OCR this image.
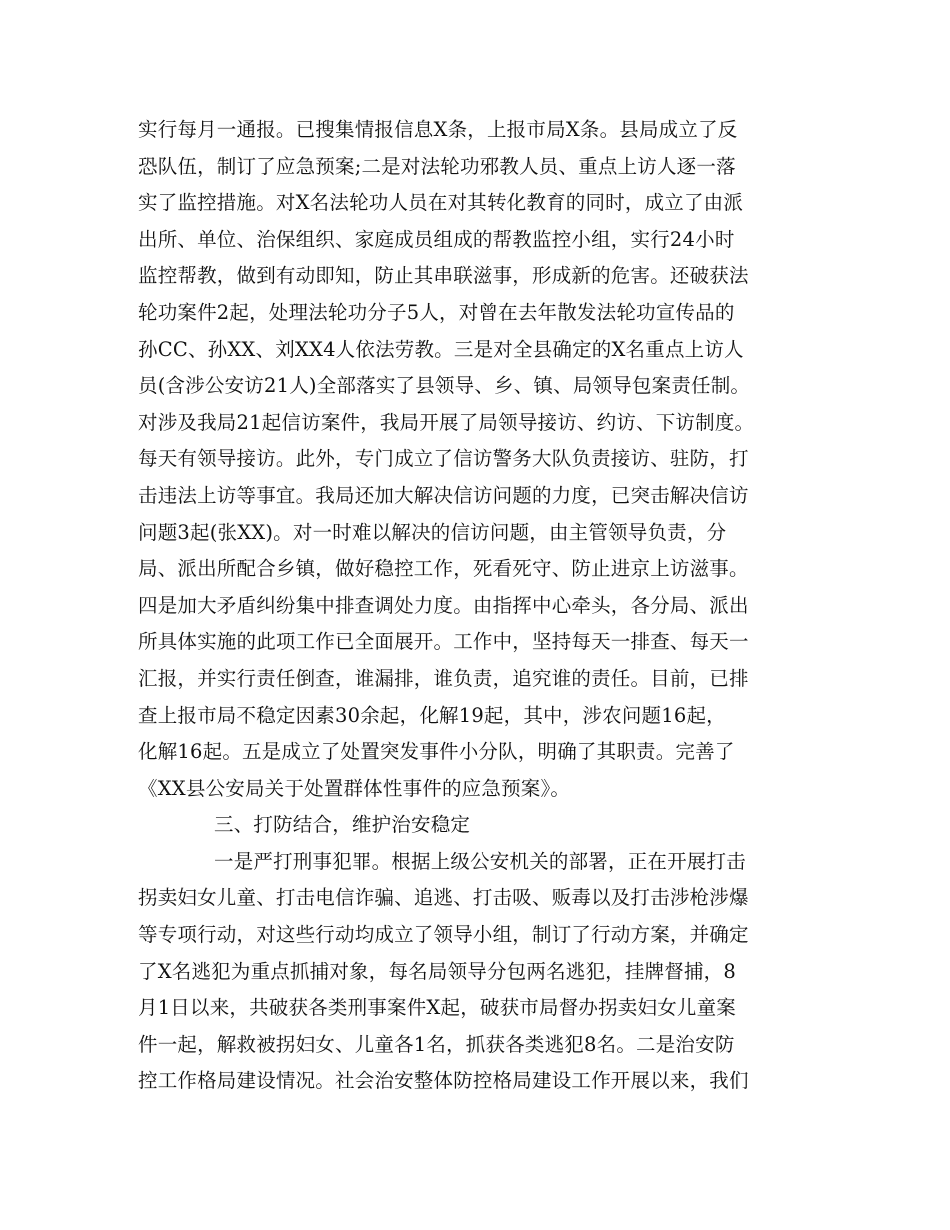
实行每月一通报。已搜集情报信息X条，上报市局X条。县局成立了反
恐队伍，制订了应急预案;二是对法轮功邪教人员、重点上访人逐一落
实了监控措施。对X名法轮功人员在对其转化教育的同时，成立了由派
出所、单位、治保组织、家庭成员组成的帮教监控小组，实行24小时
监控帮教，做到有动即知，防止其串联滋事，形成新的危害。还破获法
轮功案件2起，处理法轮功分子5人，对曾在去年散发法轮功宣传品的
孙CC、孙XX、刘XX4人依法劳教。三是对全县确定的X名重点上访人
员(含涉公安访21人)全部落实了县领导、乡、镇、局领导包案责任制。
对涉及我局21起信访案件，我局开展了局领导接访、约访、下访制度。
每天有领导接访。此外，专门成立了信访警务大队负责接访、驻防，打
击违法上访等事宜。我局还加大解决信访问题的力度，已突击解决信访
问题3起(张XX)。对一时难以解决的信访问题，由主管领导负责，分
局、派出所配合乡镇，做好稳控工作，死看死守、防止进京上访滋事。
四是加大矛盾纠纷集中排查调处力度。由指挥中心牵头，各分局、派出
所具体实施的此项工作已全面展开。工作中，坚持每天一排查、每天一
汇报，并实行责任倒查，谁漏排，谁负责，追究谁的责任。目前，已排
查上报市局不稳定因素30余起，化解19起，其中，涉农问题16起，
化解16起。五是成立了处置突发事件小分队，明确了其职责。完善了
《XX县公安局关于处置群体性事件的应急预案》。
三、打防结合，维护治安稳定
一是严打刑事犯罪。根据上级公安机关的部署，正在开展打击
拐卖妇女儿童、打击电信诈骗、追逃、打击吸、贩毒以及打击涉枪涉爆
等专项行动，对这些行动均成立了领导小组，制订了行动方案，并确定
了X名逃犯为重点抓捕对象，每名局领导分包两名逃犯，挂牌督捕，8
月1日以来，共破获各类刑事案件X起，破获市局督办拐卖妇女儿童案
件一起，解救被拐妇女、儿童各1名，抓获各类逃犯8名。二是治安防
控工作格局建设情况。社会治安整体防控格局建设工作开展以来，我们
